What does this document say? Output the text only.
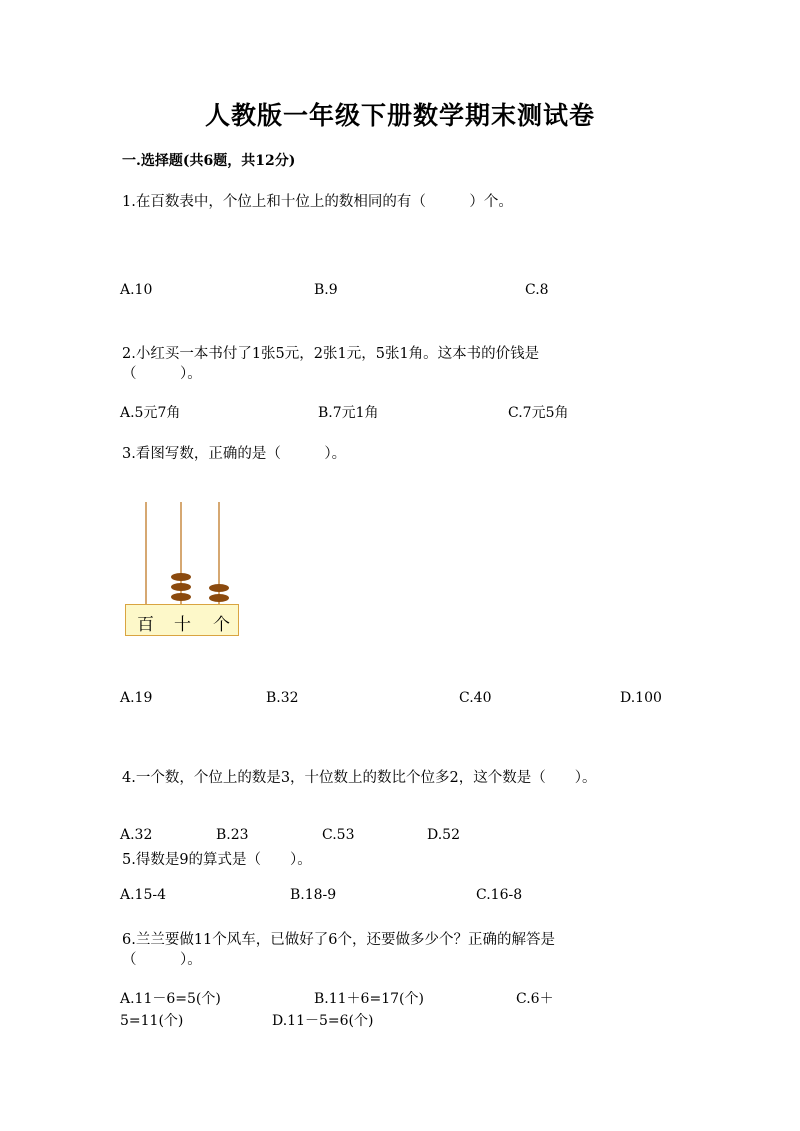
人教版一年级下册数学期末测试卷
一.选择题(共6题，共12分)
1.在百数表中，个位上和十位上的数相同的有（　　　）个。
A.10	B.9	C.8
2.小红买一本书付了1张5元，2张1元，5张1角。这本书的价钱是
（　　　）。
A.5元7角	B.7元1角	C.7元5角
3.看图写数，正确的是（　　　）。
百 十 个
A.19	B.32	C.40	D.100
4.一个数，个位上的数是3，十位数上的数比个位多2，这个数是（　　）。
A.32	B.23	C.53	D.52
5.得数是9的算式是（　　）。
A.15-4	B.18-9	C.16-8
6.兰兰要做11个风车，已做好了6个，还要做多少个？正确的解答是
（　　　）。
A.11－6=5(个)	B.11＋6=17(个)	C.6＋
5=11(个)	D.11－5=6(个)
